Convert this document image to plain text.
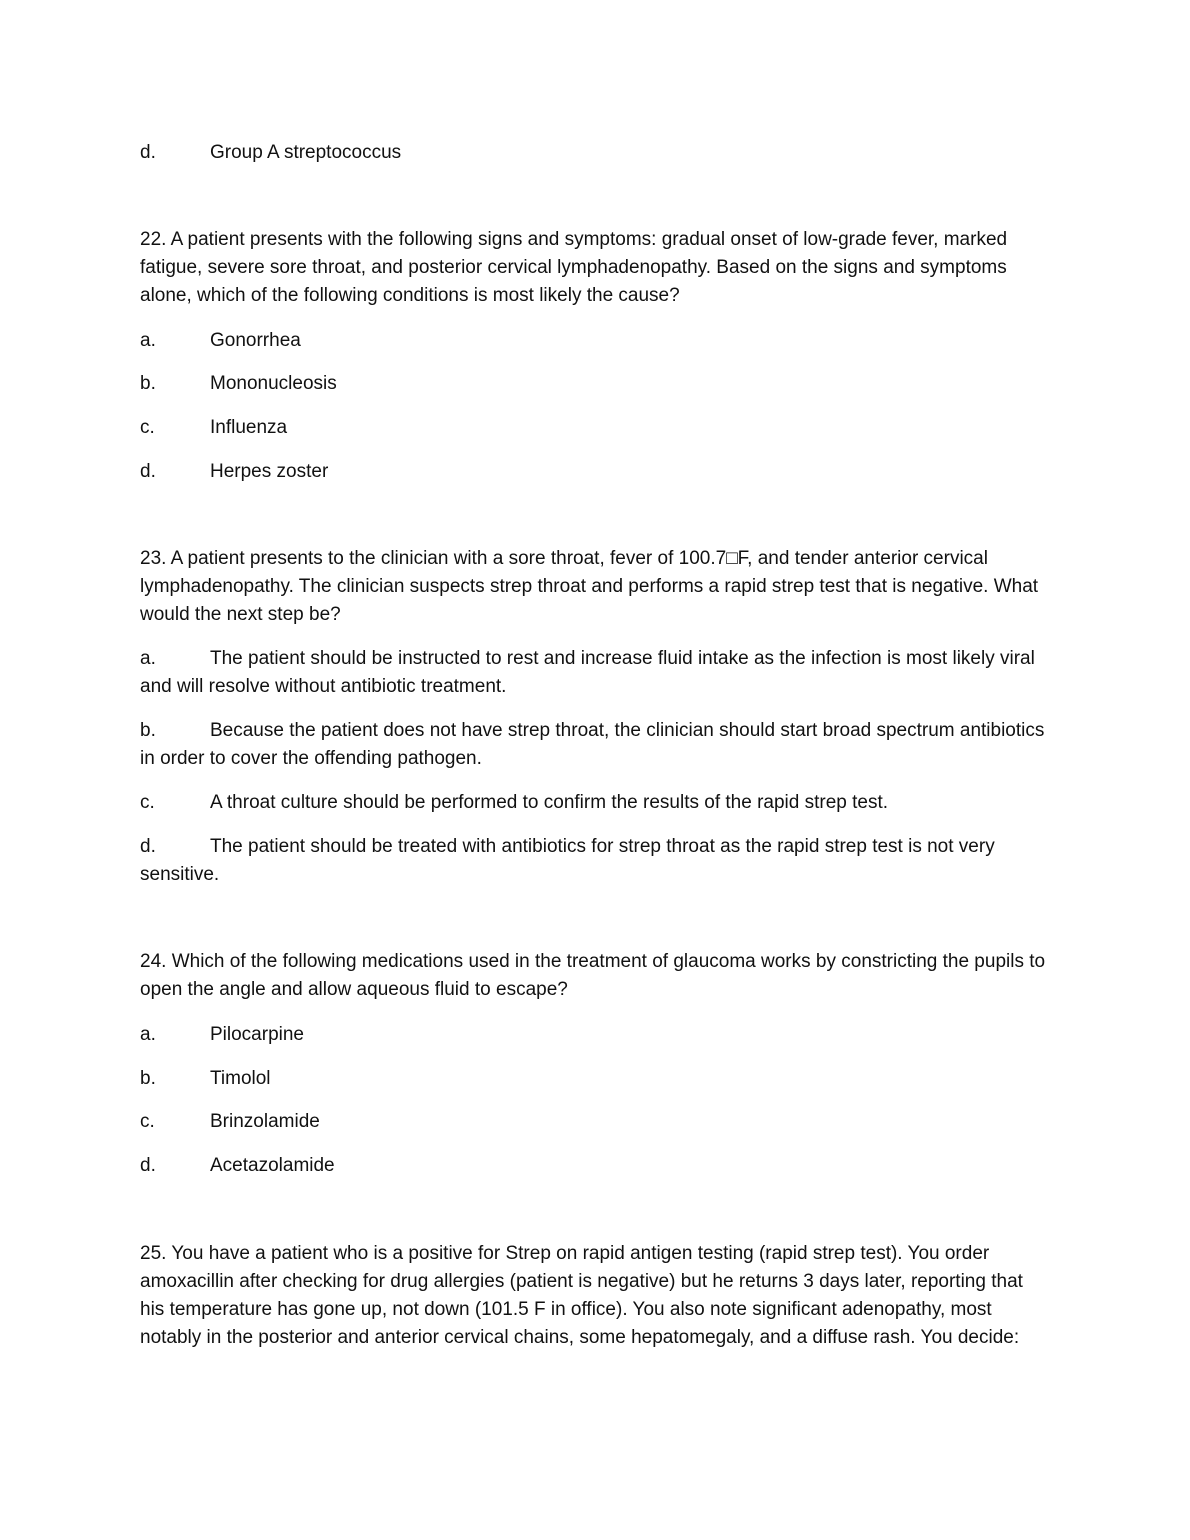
d.	Group A streptococcus
22. A patient presents with the following signs and symptoms: gradual onset of low-grade fever, marked fatigue, severe sore throat, and posterior cervical lymphadenopathy. Based on the signs and symptoms alone, which of the following conditions is most likely the cause?
a.	Gonorrhea
b.	Mononucleosis
c.	Influenza
d.	Herpes zoster
23. A patient presents to the clinician with a sore throat, fever of 100.7□F, and tender anterior cervical lymphadenopathy. The clinician suspects strep throat and performs a rapid strep test that is negative. What would the next step be?
a.	The patient should be instructed to rest and increase fluid intake as the infection is most likely viral and will resolve without antibiotic treatment.
b.	Because the patient does not have strep throat, the clinician should start broad spectrum antibiotics in order to cover the offending pathogen.
c.	A throat culture should be performed to confirm the results of the rapid strep test.
d.	The patient should be treated with antibiotics for strep throat as the rapid strep test is not very sensitive.
24. Which of the following medications used in the treatment of glaucoma works by constricting the pupils to open the angle and allow aqueous fluid to escape?
a.	Pilocarpine
b.	Timolol
c.	Brinzolamide
d.	Acetazolamide
25. You have a patient who is a positive for Strep on rapid antigen testing (rapid strep test). You order amoxacillin after checking for drug allergies (patient is negative) but he returns 3 days later, reporting that his temperature has gone up, not down (101.5 F in office). You also note significant adenopathy, most notably in the posterior and anterior cervical chains, some hepatomegaly, and a diffuse rash. You decide:
